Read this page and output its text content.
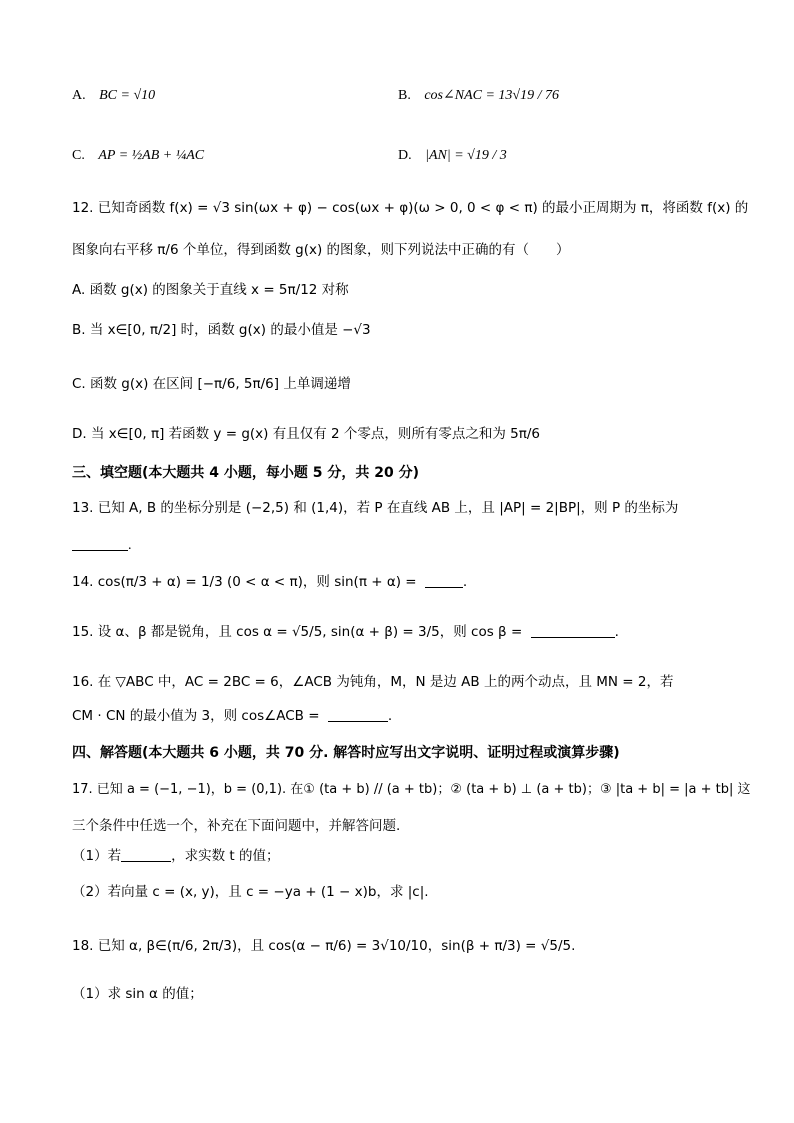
A. BC = √10	B. cos∠NAC = 13√19 / 76
C. AP = ½AB + ¼AC	D. |AN| = √19 / 3
12. 已知奇函数 f(x) = √3 sin(ωx + φ) − cos(ωx + φ)(ω > 0, 0 < φ < π) 的最小正周期为 π，将函数 f(x) 的
图象向右平移 π/6 个单位，得到函数 g(x) 的图象，则下列说法中正确的有（　　）
A. 函数 g(x) 的图象关于直线 x = 5π/12 对称
B. 当 x∈[0, π/2] 时，函数 g(x) 的最小值是 −√3
C. 函数 g(x) 在区间 [−π/6, 5π/6] 上单调递增
D. 当 x∈[0, π] 若函数 y = g(x) 有且仅有 2 个零点，则所有零点之和为 5π/6
三、填空题(本大题共 4 小题，每小题 5 分，共 20 分)
13. 已知 A, B 的坐标分别是 (−2,5) 和 (1,4)，若 P 在直线 AB 上，且 |AP| = 2|BP|，则 P 的坐标为
.
14. cos(π/3 + α) = 1/3 (0 < α < π)，则 sin(π + α) =	.
15. 设 α、β 都是锐角，且 cos α = √5/5, sin(α + β) = 3/5，则 cos β =	.
16. 在 ▽ABC 中，AC = 2BC = 6，∠ACB 为钝角，M，N 是边 AB 上的两个动点，且 MN = 2，若
CM · CN 的最小值为 3，则 cos∠ACB =	.
四、解答题(本大题共 6 小题，共 70 分. 解答时应写出文字说明、证明过程或演算步骤)
17. 已知 a = (−1, −1)，b = (0,1). 在① (ta + b) // (a + tb)；② (ta + b) ⊥ (a + tb)；③ |ta + b| = |a + tb| 这
三个条件中任选一个，补充在下面问题中，并解答问题.
（1）若	，求实数 t 的值；
（2）若向量 c = (x, y)，且 c = −ya + (1 − x)b，求 |c|.
18. 已知 α, β∈(π/6, 2π/3)，且 cos(α − π/6) = 3√10/10，sin(β + π/3) = √5/5.
（1）求 sin α 的值；
